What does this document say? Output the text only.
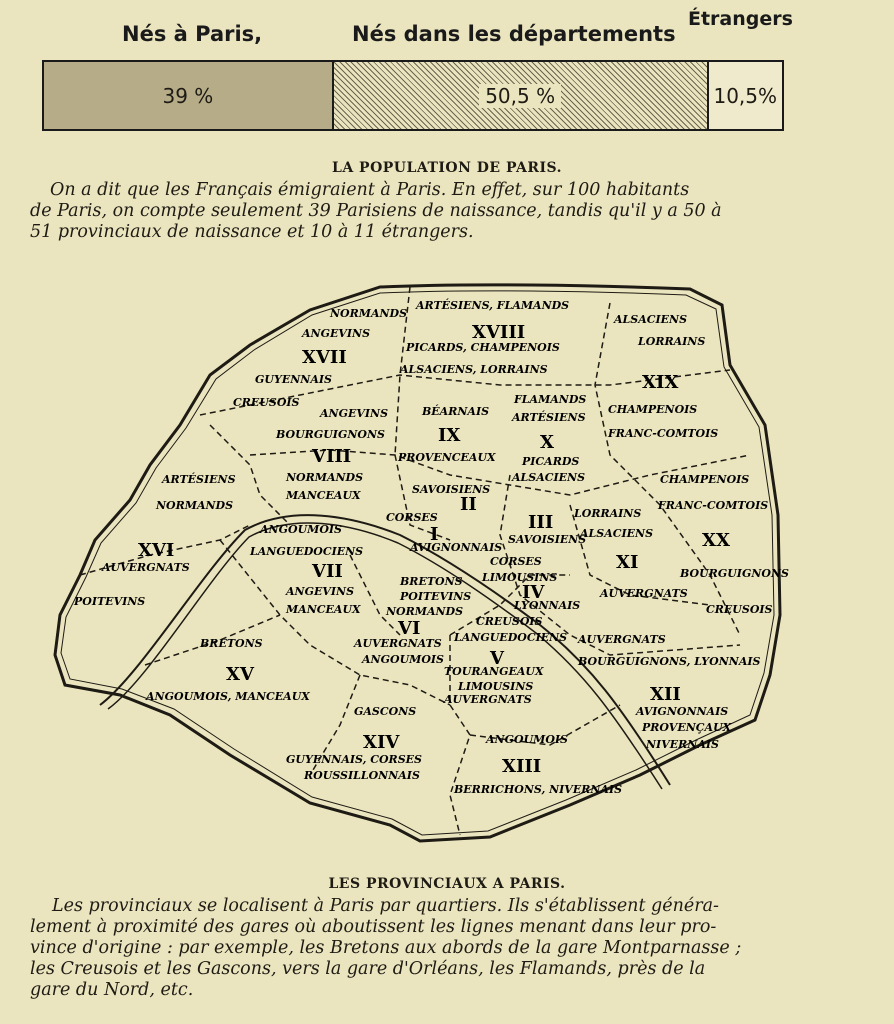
Nés à Paris,	Nés dans les départements
Étrangers
39 %	50,5 %	10,5%
LA POPULATION DE PARIS.
On a dit que les Français émigraient à Paris. En effet, sur 100 habitants
de Paris, on compte seulement 39 Parisiens de naissance, tandis qu'il y a 50 à
51 provinciaux de naissance et 10 à 11 étrangers.
I
II
III
IV
V
VI
VII
VIII
IX	X
XI
XII
XIII
XIV
XV
XVI
XVII
XVIII
XIX
XX
NORMANDS
ARTÉSIENS, FLAMANDS
ALSACIENS
ANGEVINS
PICARDS, CHAMPENOIS	LORRAINS
ALSACIENS, LORRAINS
GUYENNAIS
CREUSOIS
ANGEVINS	BÉARNAIS
FLAMANDS
ARTÉSIENS
CHAMPENOIS
BOURGUIGNONS	FRANC-COMTOIS
PROVENCEAUX PICARDS
ALSACIENS
ARTÉSIENS	NORMANDS	CHAMPENOIS
NORMANDS
MANCEAUX	SAVOISIENS
FRANC-COMTOIS
CORSES	LORRAINS
ALSACIENS
ANGOUMOIS
AVIGNONNAIS
SAVOISIENS
LANGUEDOCIENS
AUVERGNATS	CORSES
LIMOUSINS	BOURGUIGNONS
ANGEVINS
BRETONS
POITEVINS	AUVERGNATS
MANCEAUX NORMANDS	LYONNAIS	CREUSOIS
POITEVINS
CREUSOIS
LANGUEDOCIENS
BRETONS	AUVERGNATS	AUVERGNATS
ANGOUMOIS	BOURGUIGNONS, LYONNAIS
TOURANGEAUX
LIMOUSINS
AUVERGNATS
ANGOUMOIS, MANCEAUX
GASCONS	AVIGNONNAIS
PROVENÇAUX
NIVERNAIS
ANGOUMOIS
GUYENNAIS, CORSES
ROUSSILLONNAIS
BERRICHONS, NIVERNAIS
LES PROVINCIAUX A PARIS.
Les provinciaux se localisent à Paris par quartiers. Ils s'établissent généra-
lement à proximité des gares où aboutissent les lignes menant dans leur pro-
vince d'origine : par exemple, les Bretons aux abords de la gare Montparnasse ;
les Creusois et les Gascons, vers la gare d'Orléans, les Flamands, près de la
gare du Nord, etc.
